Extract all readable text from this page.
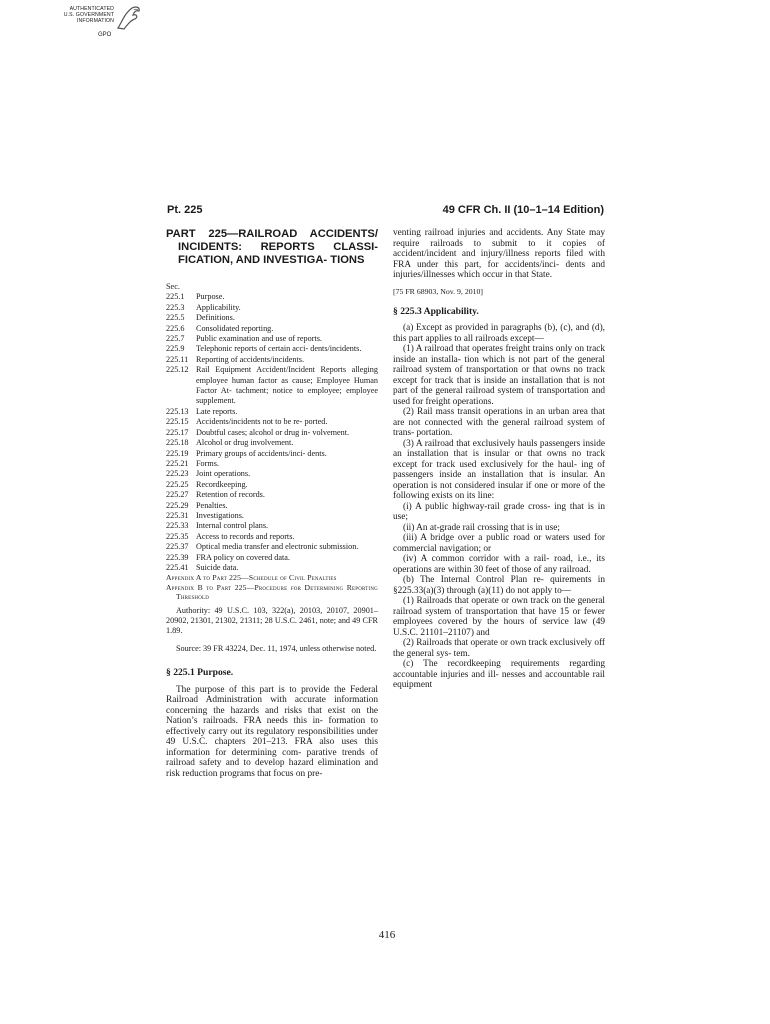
AUTHENTICATED
U.S. GOVERNMENT
INFORMATION
GPO
Pt. 225	49 CFR Ch. II (10–1–14 Edition)
PART 225—RAILROAD ACCIDENTS/ INCIDENTS: REPORTS CLASSI- FICATION, AND INVESTIGA- TIONS
Sec.
225.1 Purpose.
225.3 Applicability.
225.5 Definitions.
225.6 Consolidated reporting.
225.7 Public examination and use of reports.
225.9 Telephonic reports of certain acci- dents/incidents.
225.11 Reporting of accidents/incidents.
225.12 Rail Equipment Accident/Incident Reports alleging employee human factor as cause; Employee Human Factor At- tachment; notice to employee; employee supplement.
225.13 Late reports.
225.15 Accidents/incidents not to be re- ported.
225.17 Doubtful cases; alcohol or drug in- volvement.
225.18 Alcohol or drug involvement.
225.19 Primary groups of accidents/inci- dents.
225.21 Forms.
225.23 Joint operations.
225.25 Recordkeeping.
225.27 Retention of records.
225.29 Penalties.
225.31 Investigations.
225.33 Internal control plans.
225.35 Access to records and reports.
225.37 Optical media transfer and electronic submission.
225.39 FRA policy on covered data.
225.41 Suicide data.
Appendix A to Part 225—Schedule of Civil Penalties
Appendix B to Part 225—Procedure for Determining Reporting Threshold

Authority: 49 U.S.C. 103, 322(a), 20103, 20107, 20901–20902, 21301, 21302, 21311; 28 U.S.C. 2461, note; and 49 CFR 1.89.

Source: 39 FR 43224, Dec. 11, 1974, unless otherwise noted.

§ 225.1 Purpose.

The purpose of this part is to provide the Federal Railroad Administration with accurate information concerning the hazards and risks that exist on the Nation’s railroads. FRA needs this in- formation to effectively carry out its regulatory responsibilities under 49 U.S.C. chapters 201–213. FRA also uses this information for determining com- parative trends of railroad safety and to develop hazard elimination and risk reduction programs that focus on pre-

venting railroad injuries and accidents. Any State may require railroads to submit to it copies of accident/incident and injury/illness reports filed with FRA under this part, for accidents/inci- dents and injuries/illnesses which occur in that State.

[75 FR 68903, Nov. 9, 2010]
§ 225.3 Applicability.

(a) Except as provided in paragraphs (b), (c), and (d), this part applies to all railroads except—

(1) A railroad that operates freight trains only on track inside an installa- tion which is not part of the general railroad system of transportation or that owns no track except for track that is inside an installation that is not part of the general railroad system of transportation and used for freight operations.

(2) Rail mass transit operations in an urban area that are not connected with the general railroad system of trans- portation.

(3) A railroad that exclusively hauls passengers inside an installation that is insular or that owns no track except for track used exclusively for the haul- ing of passengers inside an installation that is insular. An operation is not considered insular if one or more of the following exists on its line:

(i) A public highway-rail grade cross- ing that is in use;

(ii) An at-grade rail crossing that is in use;

(iii) A bridge over a public road or waters used for commercial navigation; or

(iv) A common corridor with a rail- road, i.e., its operations are within 30 feet of those of any railroad.

(b) The Internal Control Plan re- quirements in §225.33(a)(3) through (a)(11) do not apply to—

(1) Railroads that operate or own track on the general railroad system of transportation that have 15 or fewer employees covered by the hours of service law (49 U.S.C. 21101–21107) and

(2) Railroads that operate or own track exclusively off the general sys- tem.

(c) The recordkeeping requirements regarding accountable injuries and ill- nesses and accountable rail equipment

416
